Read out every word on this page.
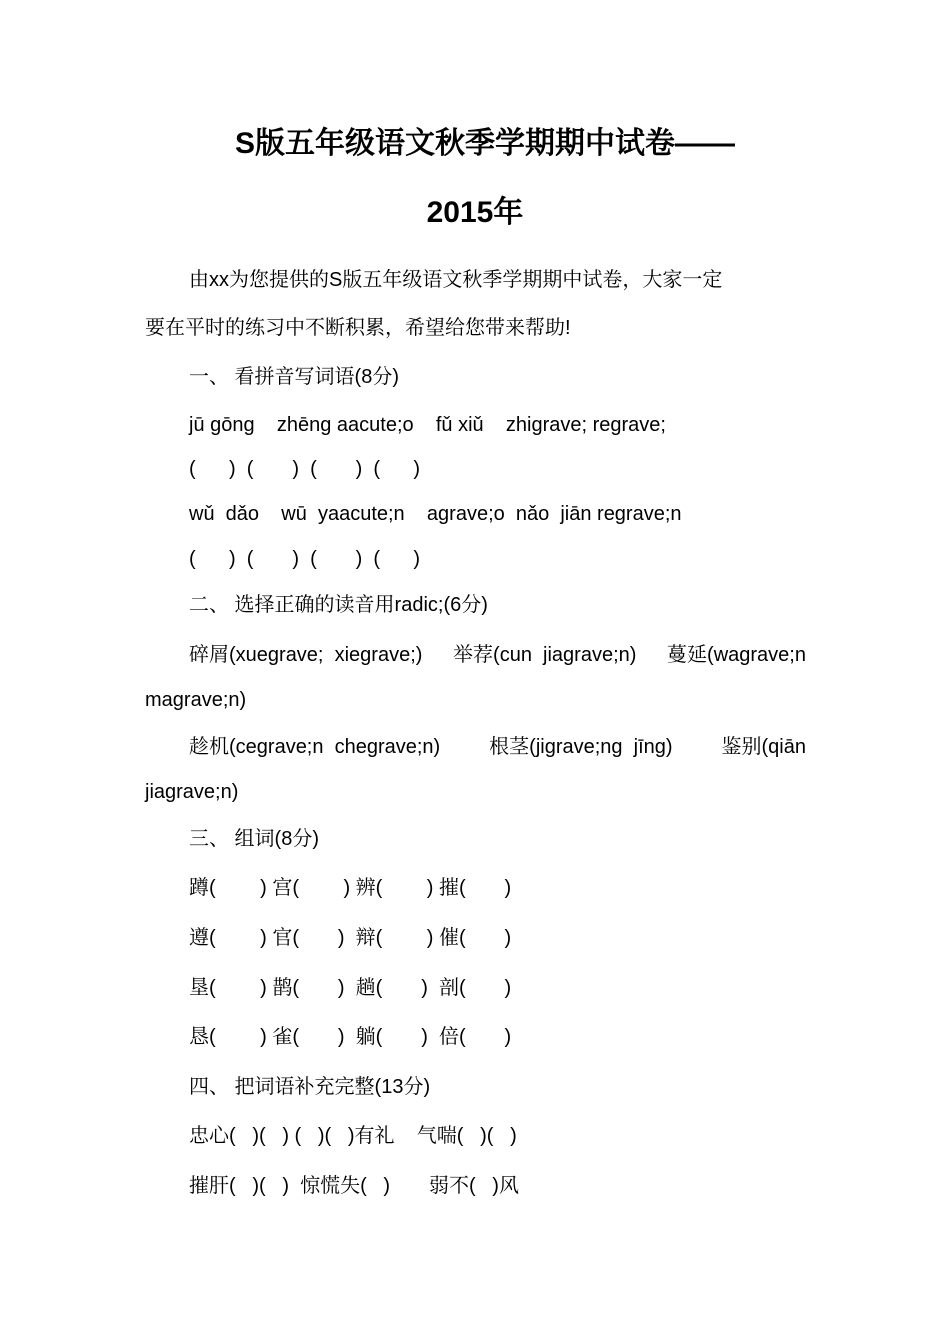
S版五年级语文秋季学期期中试卷——
2015年
由xx为您提供的S版五年级语文秋季学期期中试卷，大家一定
要在平时的练习中不断积累，希望给您带来帮助!
一、 看拼音写词语(8分)
jū gōng    zhēng aacute;o    fǔ xiǔ    zhigrave; regrave;
(      )  (       )  (       )  (      )
wǔ  dǎo    wū  yaacute;n    agrave;o  nǎo  jiān regrave;n
(      )  (       )  (       )  (      )
二、 选择正确的读音用radic;(6分)
碎屑(xuegrave;  xiegrave;) 举荐(cun  jiagrave;n) 蔓延(wagrave;n
magrave;n)
趁机(cegrave;n  chegrave;n) 根茎(jigrave;ng  jīng) 鉴别(qiān
jiagrave;n)
三、 组词(8分)
蹲(        ) 宫(        ) 辨(        ) 摧(       )
遵(        ) 官(       )  辩(        ) 催(       )
垦(        ) 鹊(       )  趟(       )  剖(       )
恳(        ) 雀(       )  躺(       )  倍(       )
四、 把词语补充完整(13分)
忠心(   )(   ) (   )(   )有礼    气喘(   )(   )
摧肝(   )(   )  惊慌失(   )       弱不(   )风
